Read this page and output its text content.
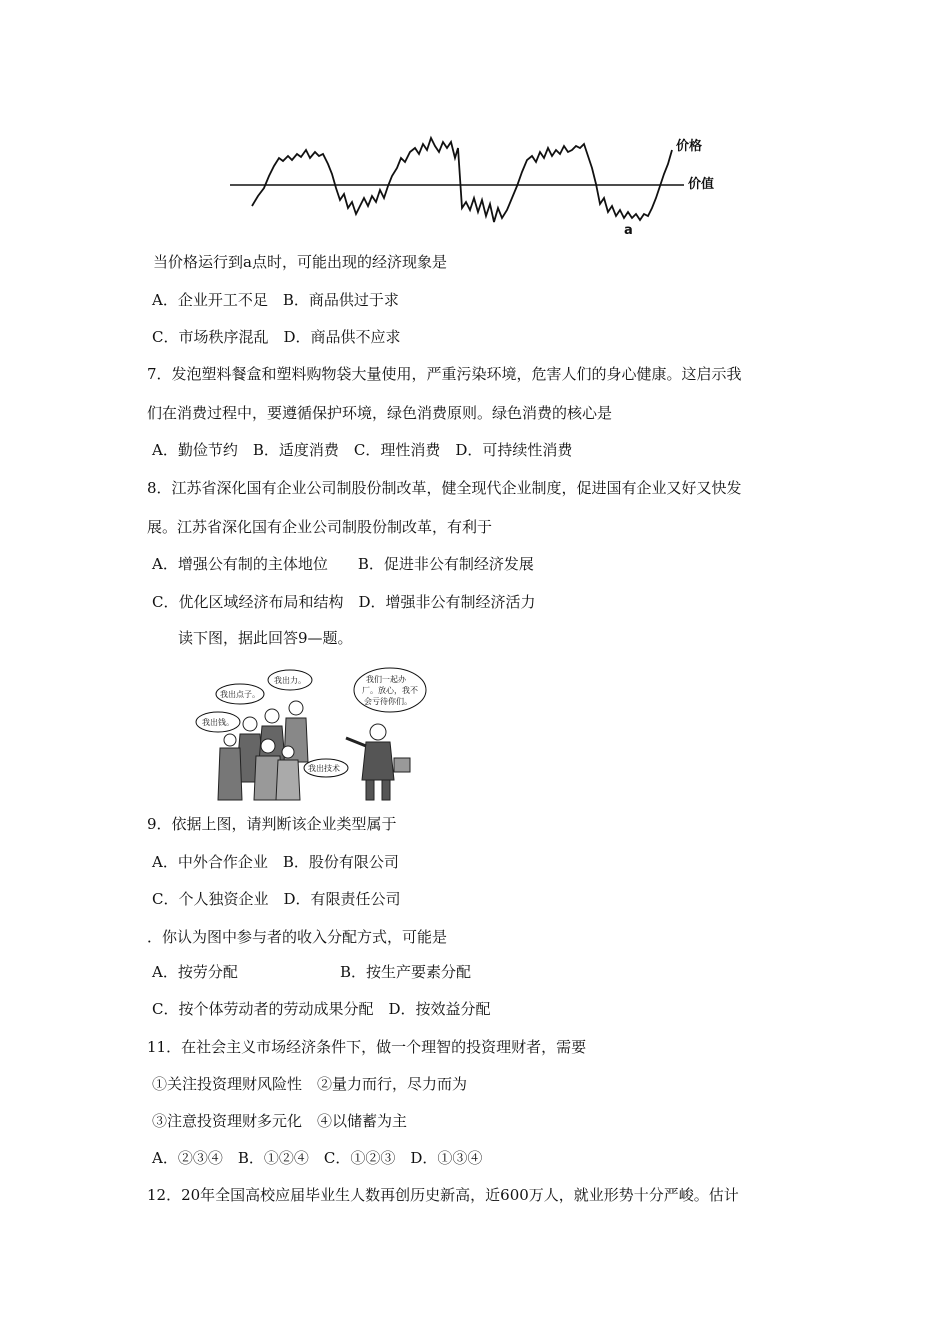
价格
价值
a
当价格运行到a点时，可能出现的经济现象是
A．企业开工不足　B．商品供过于求
C．市场秩序混乱　D．商品供不应求
7．发泡塑料餐盒和塑料购物袋大量使用，严重污染环境，危害人们的身心健康。这启示我
们在消费过程中，要遵循保护环境，绿色消费原则。绿色消费的核心是
A．勤俭节约　B．适度消费　C．理性消费　D．可持续性消费
8．江苏省深化国有企业公司制股份制改革，健全现代企业制度，促进国有企业又好又快发
展。江苏省深化国有企业公司制股份制改革，有利于
A．增强公有制的主体地位　　B．促进非公有制经济发展
C．优化区域经济布局和结构　D．增强非公有制经济活力
读下图，据此回答9—题。
我出钱。
我出点子。
我出力。	我们一起办
厂。放心，我不
会亏待你们。
我出技术
9．依据上图，请判断该企业类型属于
A．中外合作企业　B．股份有限公司
C．个人独资企业　D．有限责任公司
．你认为图中参与者的收入分配方式，可能是
A．按劳分配	B．按生产要素分配
C．按个体劳动者的劳动成果分配　D．按效益分配
11．在社会主义市场经济条件下，做一个理智的投资理财者，需要
①关注投资理财风险性　②量力而行，尽力而为
③注意投资理财多元化　④以储蓄为主
A．②③④　B．①②④　C．①②③　D．①③④
12．20年全国高校应届毕业生人数再创历史新高，近600万人，就业形势十分严峻。估计
